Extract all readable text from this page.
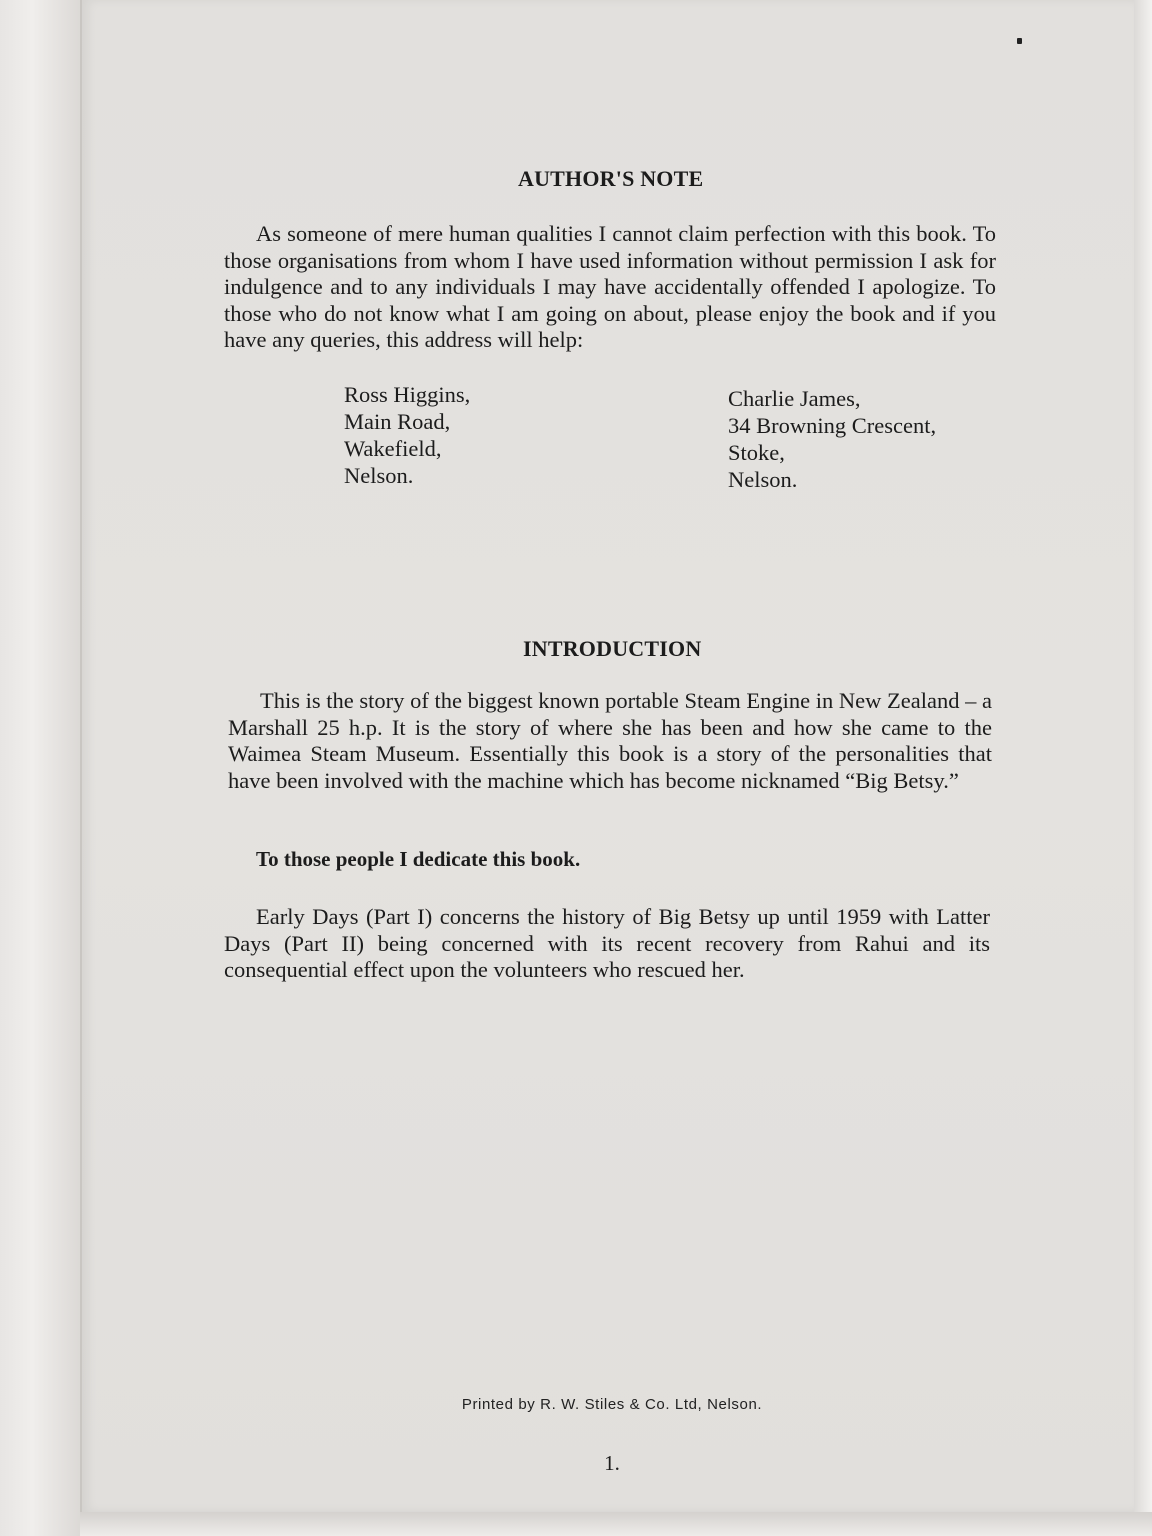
AUTHOR'S NOTE

As someone of mere human qualities I cannot claim perfection with this book. To those organisations from whom I have used information without permission I ask for indulgence and to any individuals I may have accidentally offended I apologize. To those who do not know what I am going on about, please enjoy the book and if you have any queries, this address will help:

Ross Higgins,
Main Road,
Wakefield,
Nelson.
Charlie James,
34 Browning Crescent,
Stoke,
Nelson.
INTRODUCTION

This is the story of the biggest known portable Steam Engine in New Zealand – a Marshall 25 h.p. It is the story of where she has been and how she came to the Waimea Steam Museum. Essentially this book is a story of the personalities that have been involved with the machine which has become nicknamed “Big Betsy.”

To those people I dedicate this book.

Early Days (Part I) concerns the history of Big Betsy up until 1959 with Latter Days (Part II) being concerned with its recent recovery from Rahui and its consequential effect upon the volunteers who rescued her.

Printed by R. W. Stiles & Co. Ltd, Nelson.
1.
